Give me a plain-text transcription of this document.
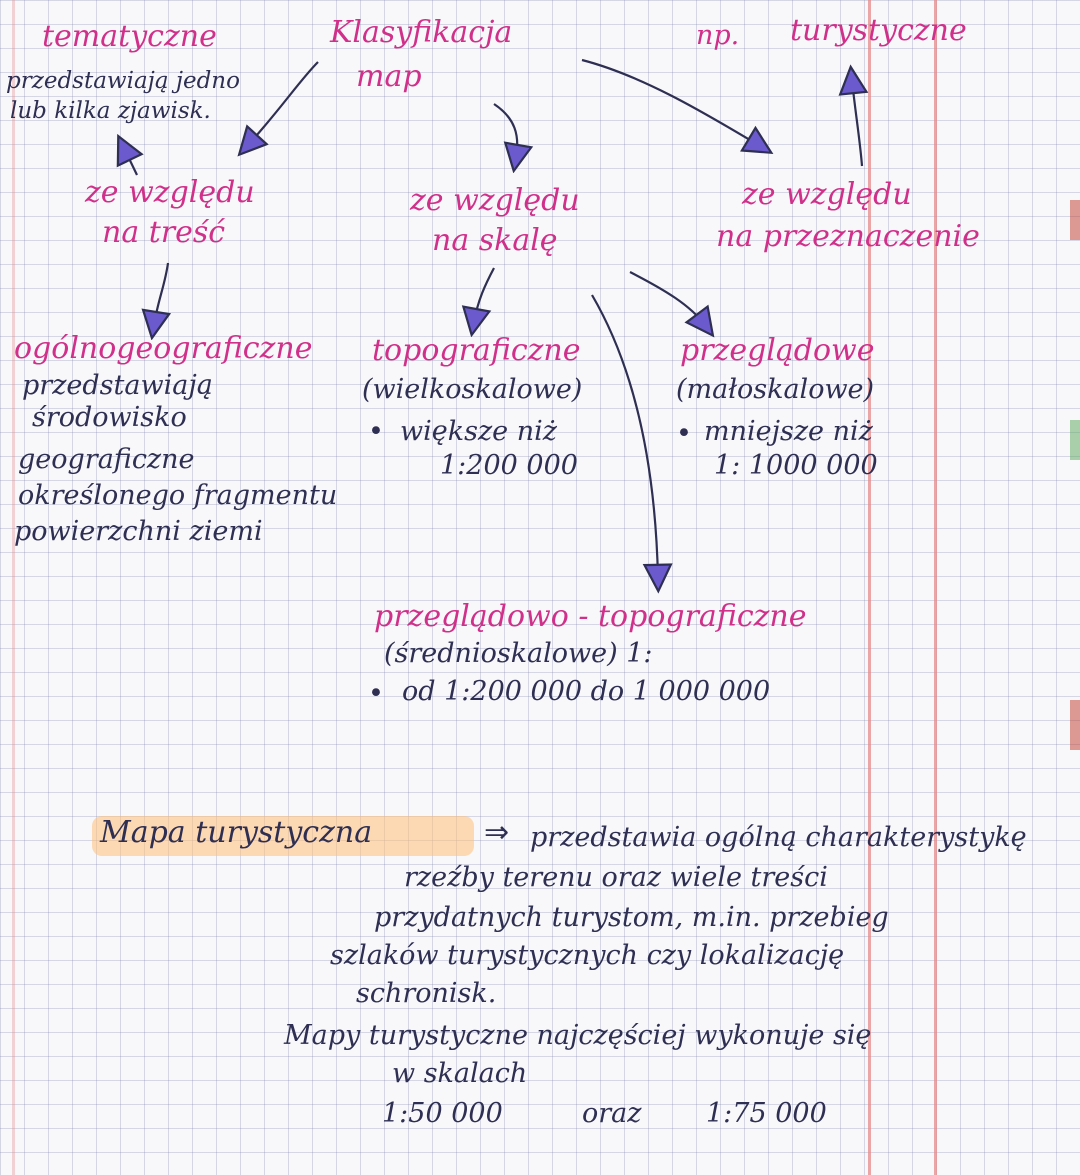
tematyczne
przedstawiają jedno
lub kilka zjawisk.
Klasyfikacja
map
np. turystyczne
ze względu
na treść
ze względu
na skalę
ze względu
na przeznaczenie
ogólnogeograficzne
przedstawiają
środowisko
geograficzne
określonego fragmentu
powierzchni ziemi
topograficzne
(wielkoskalowe)
• większe niż
1:200 000
przeglądowe
(małoskalowe)
• mniejsze niż
1: 1000 000
przeglądowo - topograficzne
(średnioskalowe) 1:
• od 1:200 000 do 1 000 000
Mapa turystyczna	⇒ przedstawia ogólną charakterystykę
rzeźby terenu oraz wiele treści
przydatnych turystom, m.in. przebieg
szlaków turystycznych czy lokalizację
schronisk.
Mapy turystyczne najczęściej wykonuje się
w skalach
1:50 000	oraz 1:75 000
